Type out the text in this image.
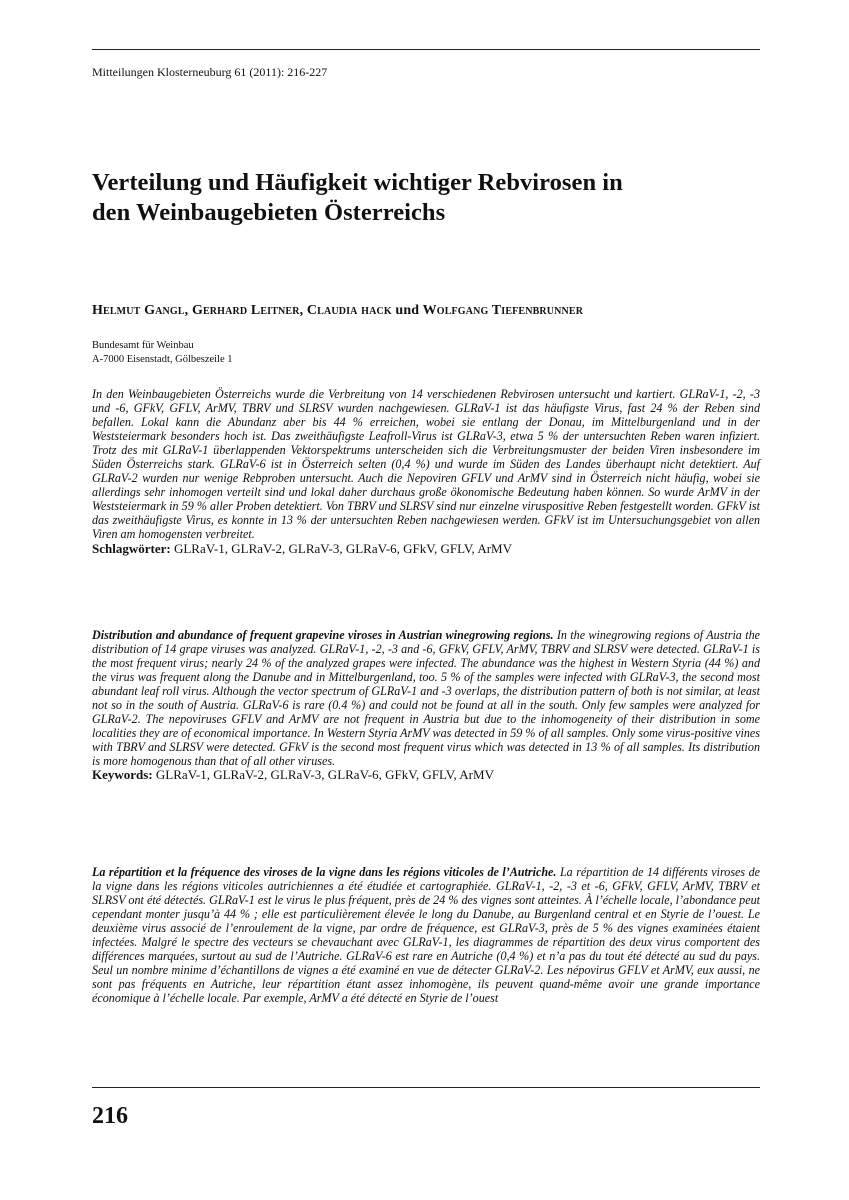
Mitteilungen Klosterneuburg 61 (2011): 216-227
Verteilung und Häufigkeit wichtiger Rebvirosen in
den Weinbaugebieten Österreichs
Helmut Gangl, Gerhard Leitner, Claudia hack und Wolfgang Tiefenbrunner
Bundesamt für Weinbau
A-7000 Eisenstadt, Gölbeszeile 1

In den Weinbaugebieten Österreichs wurde die Verbreitung von 14 verschiedenen Rebvirosen untersucht und kartiert. GLRaV-1, -2, -3 und -6, GFkV, GFLV, ArMV, TBRV und SLRSV wurden nachgewiesen. GLRaV-1 ist das häufigste Virus, fast 24 % der Reben sind befallen. Lokal kann die Abundanz aber bis 44 % erreichen, wobei sie entlang der Donau, im Mittelburgenland und in der Weststeiermark besonders hoch ist. Das zweithäufigste Leafroll-Virus ist GLRaV-3, etwa 5 % der untersuchten Reben waren infiziert. Trotz des mit GLRaV-1 überlappenden Vektorspektrums unterscheiden sich die Verbreitungsmuster der beiden Viren insbesondere im Süden Österreichs stark. GLRaV-6 ist in Österreich selten (0,4 %) und wurde im Süden des Landes überhaupt nicht detektiert. Auf GLRaV-2 wurden nur wenige Rebproben untersucht. Auch die Nepoviren GFLV und ArMV sind in Österreich nicht häufig, wobei sie allerdings sehr inhomogen verteilt sind und lokal daher durchaus große ökonomische Bedeutung haben können. So wurde ArMV in der Weststeiermark in 59 % aller Proben detektiert. Von TBRV und SLRSV sind nur einzelne viruspositive Reben festgestellt worden. GFkV ist das zweithäufigste Virus, es konnte in 13 % der untersuchten Reben nachgewiesen werden. GFkV ist im Untersuchungsgebiet von allen Viren am homogensten verbreitet.
Schlagwörter: GLRaV-1, GLRaV-2, GLRaV-3, GLRaV-6, GFkV, GFLV, ArMV

Distribution and abundance of frequent grapevine viroses in Austrian winegrowing regions. In the winegrowing regions of Austria the distribution of 14 grape viruses was analyzed. GLRaV-1, -2, -3 and -6, GFkV, GFLV, ArMV, TBRV and SLRSV were detected. GLRaV-1 is the most frequent virus; nearly 24 % of the analyzed grapes were infected. The abundance was the highest in Western Styria (44 %) and the virus was frequent along the Danube and in Mittelburgenland, too. 5 % of the samples were infected with GLRaV-3, the second most abundant leaf roll virus. Although the vector spectrum of GLRaV-1 and -3 overlaps, the distribution pattern of both is not similar, at least not so in the south of Austria. GLRaV-6 is rare (0.4 %) and could not be found at all in the south. Only few samples were analyzed for GLRaV-2. The nepoviruses GFLV and ArMV are not frequent in Austria but due to the inhomogeneity of their distribution in some localities they are of economical importance. In Western Styria ArMV was detected in 59 % of all samples. Only some virus-positive vines with TBRV and SLRSV were detected. GFkV is the second most frequent virus which was detected in 13 % of all samples. Its distribution is more homogenous than that of all other viruses.
Keywords: GLRaV-1, GLRaV-2, GLRaV-3, GLRaV-6, GFkV, GFLV, ArMV

La répartition et la fréquence des viroses de la vigne dans les régions viticoles de l’Autriche. La répartition de 14 différents viroses de la vigne dans les régions viticoles autrichiennes a été étudiée et cartographiée. GLRaV-1, -2, -3 et -6, GFkV, GFLV, ArMV, TBRV et SLRSV ont été détectés. GLRaV-1 est le virus le plus fréquent, près de 24 % des vignes sont atteintes. À l’échelle locale, l’abondance peut cependant monter jusqu’à 44 % ; elle est particulièrement élevée le long du Danube, au Burgenland central et en Styrie de l’ouest. Le deuxième virus associé de l’enroulement de la vigne, par ordre de fréquence, est GLRaV-3, près de 5 % des vignes examinées étaient infectées. Malgré le spectre des vecteurs se chevauchant avec GLRaV-1, les diagrammes de répartition des deux virus comportent des différences marquées, surtout au sud de l’Autriche. GLRaV-6 est rare en Autriche (0,4 %) et n’a pas du tout été détecté au sud du pays. Seul un nombre minime d’échantillons de vignes a été examiné en vue de détecter GLRaV-2. Les népovirus GFLV et ArMV, eux aussi, ne sont pas fréquents en Autriche, leur répartition étant assez inhomogène, ils peuvent quand-même avoir une grande importance économique à l’échelle locale. Par exemple, ArMV a été détecté en Styrie de l’ouest

216
